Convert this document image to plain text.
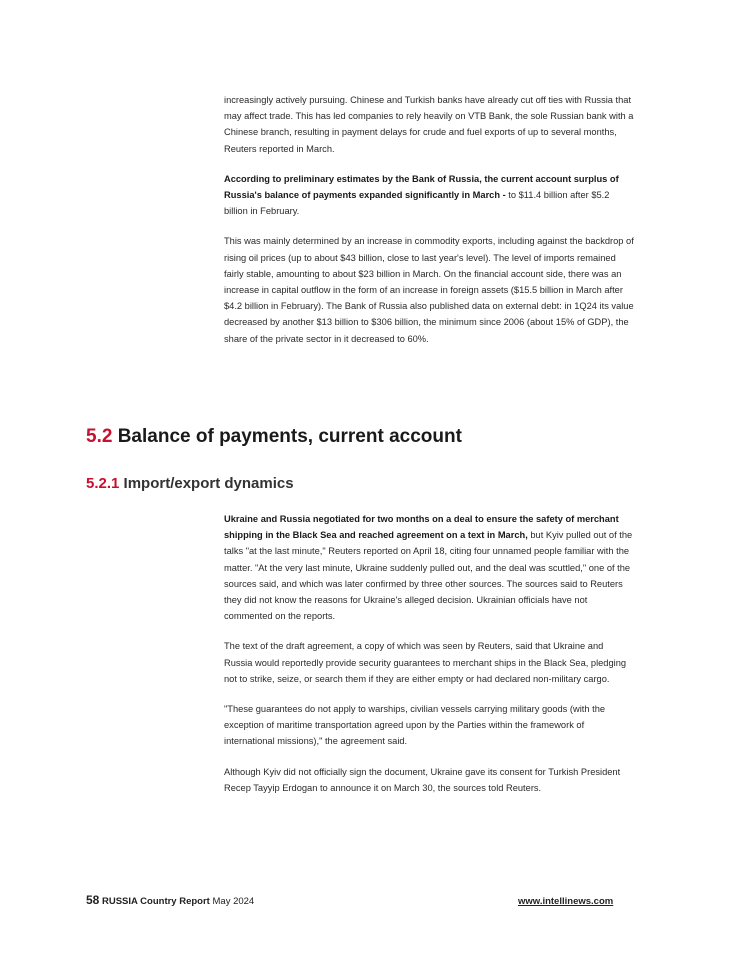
increasingly actively pursuing. Chinese and Turkish banks have already cut off ties with Russia that may affect trade. This has led companies to rely heavily on VTB Bank, the sole Russian bank with a Chinese branch, resulting in payment delays for crude and fuel exports of up to several months, Reuters reported in March.

According to preliminary estimates by the Bank of Russia, the current account surplus of Russia's balance of payments expanded significantly in March - to $11.4 billion after $5.2 billion in February.

This was mainly determined by an increase in commodity exports, including against the backdrop of rising oil prices (up to about $43 billion, close to last year's level). The level of imports remained fairly stable, amounting to about $23 billion in March. On the financial account side, there was an increase in capital outflow in the form of an increase in foreign assets ($15.5 billion in March after $4.2 billion in February). The Bank of Russia also published data on external debt: in 1Q24 its value decreased by another $13 billion to $306 billion, the minimum since 2006 (about 15% of GDP), the share of the private sector in it decreased to 60%.

5.2 Balance of payments, current account
5.2.1 Import/export dynamics

Ukraine and Russia negotiated for two months on a deal to ensure the safety of merchant shipping in the Black Sea and reached agreement on a text in March, but Kyiv pulled out of the talks "at the last minute," Reuters reported on April 18, citing four unnamed people familiar with the matter. "At the very last minute, Ukraine suddenly pulled out, and the deal was scuttled," one of the sources said, and which was later confirmed by three other sources. The sources said to Reuters they did not know the reasons for Ukraine's alleged decision. Ukrainian officials have not commented on the reports.

The text of the draft agreement, a copy of which was seen by Reuters, said that Ukraine and Russia would reportedly provide security guarantees to merchant ships in the Black Sea, pledging not to strike, seize, or search them if they are either empty or had declared non-military cargo.

"These guarantees do not apply to warships, civilian vessels carrying military goods (with the exception of maritime transportation agreed upon by the Parties within the framework of international missions)," the agreement said.

Although Kyiv did not officially sign the document, Ukraine gave its consent for Turkish President Recep Tayyip Erdogan to announce it on March 30, the sources told Reuters.

58 RUSSIA Country Report May 2024	www.intellinews.com
